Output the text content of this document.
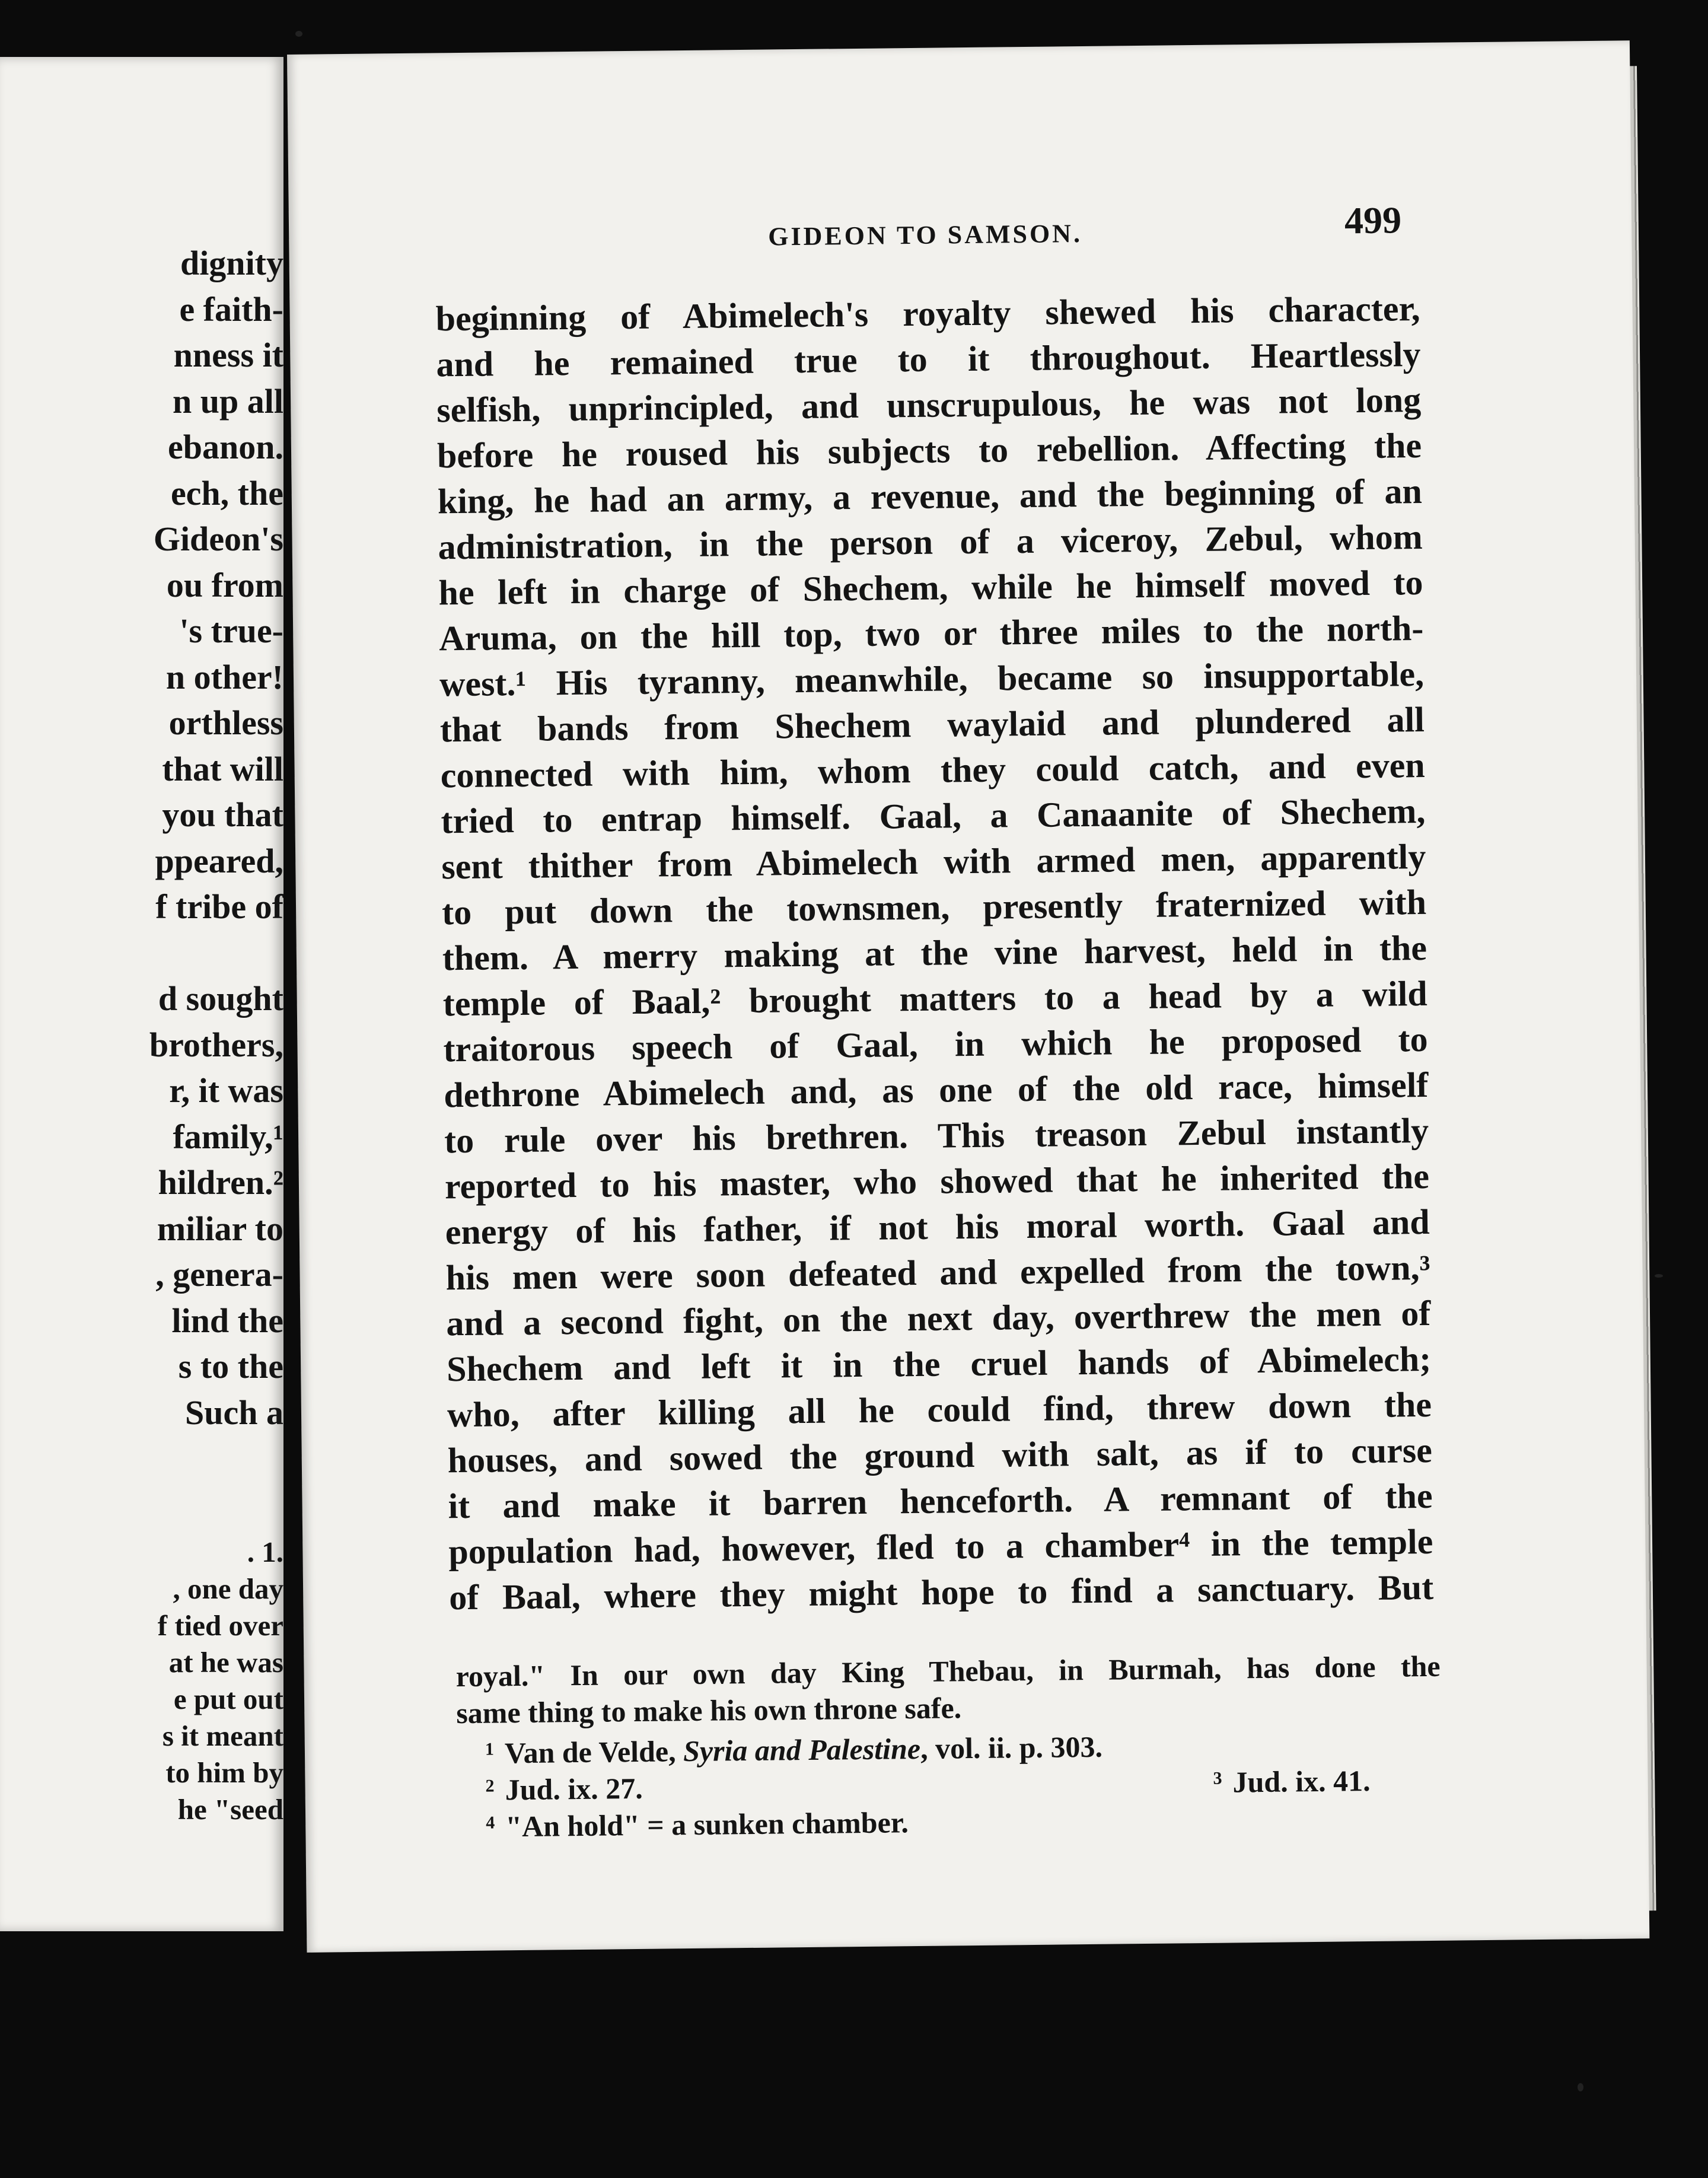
dignity
e faith-
nness it
n up all
ebanon.
ech, the
Gideon's
ou from
's true-
n other!
orthless
that will
you that
ppeared,
f tribe of
d sought
brothers,
r, it was
family,¹
hildren.²
miliar to
, genera-
lind the
s to the
Such a
. 1.
, one day
f tied over
at he was
e put out
s it meant
to him by
he "seed
GIDEON TO SAMSON.	499
beginning of Abimelech's royalty shewed his character,
and he remained true to it throughout. Heartlessly
selfish, unprincipled, and unscrupulous, he was not long
before he roused his subjects to rebellion. Affecting the
king, he had an army, a revenue, and the beginning of an
administration, in the person of a viceroy, Zebul, whom
he left in charge of Shechem, while he himself moved to
Aruma, on the hill top, two or three miles to the north-
west.¹ His tyranny, meanwhile, became so insupportable,
that bands from Shechem waylaid and plundered all
connected with him, whom they could catch, and even
tried to entrap himself. Gaal, a Canaanite of Shechem,
sent thither from Abimelech with armed men, apparently
to put down the townsmen, presently fraternized with
them. A merry making at the vine harvest, held in the
temple of Baal,² brought matters to a head by a wild
traitorous speech of Gaal, in which he proposed to
dethrone Abimelech and, as one of the old race, himself
to rule over his brethren. This treason Zebul instantly
reported to his master, who showed that he inherited the
energy of his father, if not his moral worth. Gaal and
his men were soon defeated and expelled from the town,³
and a second fight, on the next day, overthrew the men of
Shechem and left it in the cruel hands of Abimelech;
who, after killing all he could find, threw down the
houses, and sowed the ground with salt, as if to curse
it and make it barren henceforth. A remnant of the
population had, however, fled to a chamber⁴ in the temple
of Baal, where they might hope to find a sanctuary. But
royal." In our own day King Thebau, in Burmah, has done the
same thing to make his own throne safe.
$^1$ Van de Velde, Syria and Palestine, vol. ii. p. 303.
$^2$ Jud. ix. 27.	$^3$ Jud. ix. 41.
$^4$ "An hold" = a sunken chamber.
